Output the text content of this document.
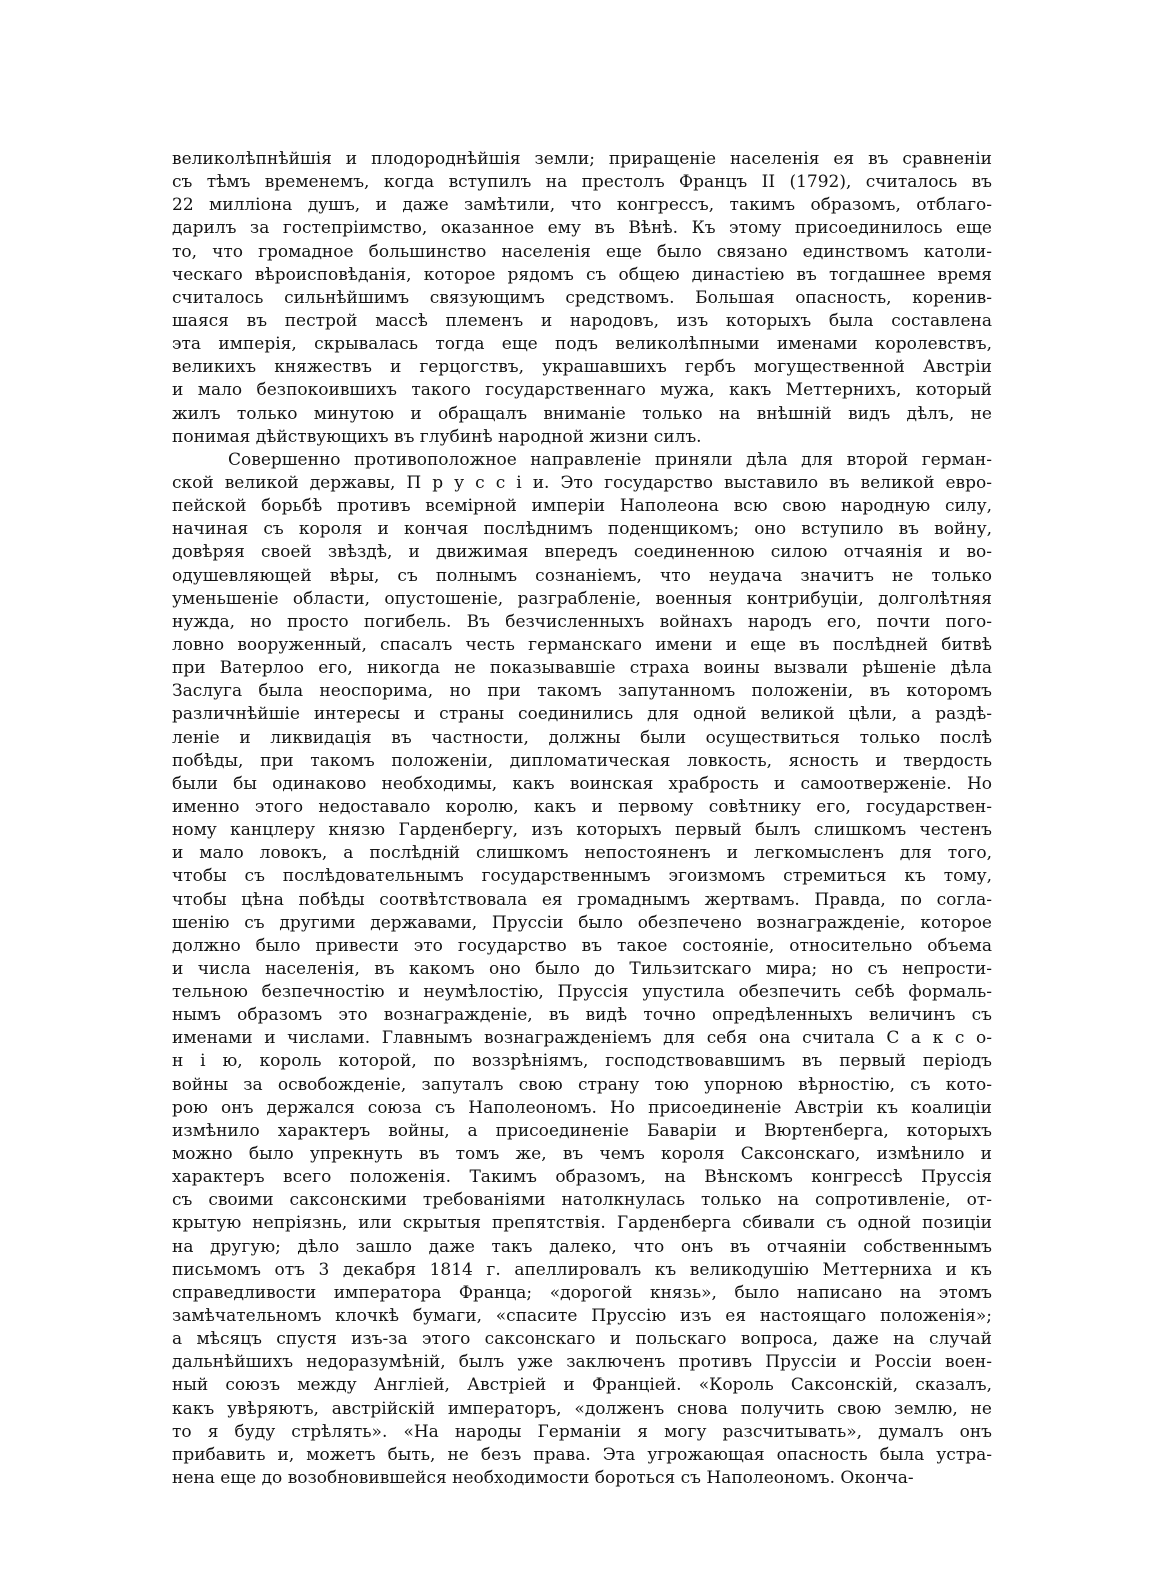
великолѣпнѣйшія и плодороднѣйшія земли; приращеніе населенія ея въ сравненіи
съ тѣмъ временемъ, когда вступилъ на престолъ Францъ II (1792), считалось въ
22 милліона душъ, и даже замѣтили, что конгрессъ, такимъ образомъ, отблаго-
дарилъ за гостепріимство, оказанное ему въ Вѣнѣ. Къ этому присоединилось еще
то, что громадное большинство населенія еще было связано единствомъ католи-
ческаго вѣроисповѣданія, которое рядомъ съ общею династіею въ тогдашнее время
считалось сильнѣйшимъ связующимъ средствомъ. Большая опасность, коренив-
шаяся въ пестрой массѣ племенъ и народовъ, изъ которыхъ была составлена
эта имперія, скрывалась тогда еще подъ великолѣпными именами королевствъ,
великихъ княжествъ и герцогствъ, украшавшихъ гербъ могущественной Австріи
и мало безпокоившихъ такого государственнаго мужа, какъ Меттернихъ, который
жилъ только минутою и обращалъ вниманіе только на внѣшній видъ дѣлъ, не
понимая дѣйствующихъ въ глубинѣ народной жизни силъ.
Совершенно противоположное направленіе приняли дѣла для второй герман-
ской великой державы, П р у с с і и. Это государство выставило въ великой евро-
пейской борьбѣ противъ всемірной имперіи Наполеона всю свою народную силу,
начиная съ короля и кончая послѣднимъ поденщикомъ; оно вступило въ войну,
довѣряя своей звѣздѣ, и движимая впередъ соединенною силою отчаянія и во-
одушевляющей вѣры, съ полнымъ сознаніемъ, что неудача значитъ не только
уменьшеніе области, опустошеніе, разграбленіе, военныя контрибуціи, долголѣтняя
нужда, но просто погибель. Въ безчисленныхъ войнахъ народъ его, почти пого-
ловно вооруженный, спасалъ честь германскаго имени и еще въ послѣдней битвѣ
при Ватерлоо его, никогда не показывавшіе страха воины вызвали рѣшеніе дѣла
Заслуга была неоспорима, но при такомъ запутанномъ положеніи, въ которомъ
различнѣйшіе интересы и страны соединились для одной великой цѣли, а раздѣ-
леніе и ликвидація въ частности, должны были осуществиться только послѣ
побѣды, при такомъ положеніи, дипломатическая ловкость, ясность и твердость
были бы одинаково необходимы, какъ воинская храбрость и самоотверженіе. Но
именно этого недоставало королю, какъ и первому совѣтнику его, государствен-
ному канцлеру князю Гарденбергу, изъ которыхъ первый былъ слишкомъ честенъ
и мало ловокъ, а послѣдній слишкомъ непостояненъ и легкомысленъ для того,
чтобы съ послѣдовательнымъ государственнымъ эгоизмомъ стремиться къ тому,
чтобы цѣна побѣды соотвѣтствовала ея громаднымъ жертвамъ. Правда, по согла-
шенію съ другими державами, Пруссіи было обезпечено вознагражденіе, которое
должно было привести это государство въ такое состояніе, относительно объема
и числа населенія, въ какомъ оно было до Тильзитскаго мира; но съ непрости-
тельною безпечностію и неумѣлостію, Пруссія упустила обезпечить себѣ формаль-
нымъ образомъ это вознагражденіе, въ видѣ точно опредѣленныхъ величинъ съ
именами и числами. Главнымъ вознагражденіемъ для себя она считала С а к с о-
н і ю, король которой, по воззрѣніямъ, господствовавшимъ въ первый періодъ
войны за освобожденіе, запуталъ свою страну тою упорною вѣрностію, съ кото-
рою онъ держался союза съ Наполеономъ. Но присоединеніе Австріи къ коалиціи
измѣнило характеръ войны, а присоединеніе Баваріи и Вюртенберга, которыхъ
можно было упрекнуть въ томъ же, въ чемъ короля Саксонскаго, измѣнило и
характеръ всего положенія. Такимъ образомъ, на Вѣнскомъ конгрессѣ Пруссія
съ своими саксонскими требованіями натолкнулась только на сопротивленіе, от-
крытую непріязнь, или скрытыя препятствія. Гарденберга сбивали съ одной позиціи
на другую; дѣло зашло даже такъ далеко, что онъ въ отчаяніи собственнымъ
письмомъ отъ 3 декабря 1814 г. апеллировалъ къ великодушію Меттерниха и къ
справедливости императора Франца; «дорогой князь», было написано на этомъ
замѣчательномъ клочкѣ бумаги, «спасите Пруссію изъ ея настоящаго положенія»;
а мѣсяцъ спустя изъ-за этого саксонскаго и польскаго вопроса, даже на случай
дальнѣйшихъ недоразумѣній, былъ уже заключенъ противъ Пруссіи и Россіи воен-
ный союзъ между Англіей, Австріей и Франціей. «Король Саксонскій, сказалъ,
какъ увѣряютъ, австрійскій императоръ, «долженъ снова получить свою землю, не
то я буду стрѣлять». «На народы Германіи я могу разсчитывать», думалъ онъ
прибавить и, можетъ быть, не безъ права. Эта угрожающая опасность была устра-
нена еще до возобновившейся необходимости бороться съ Наполеономъ. Оконча-
